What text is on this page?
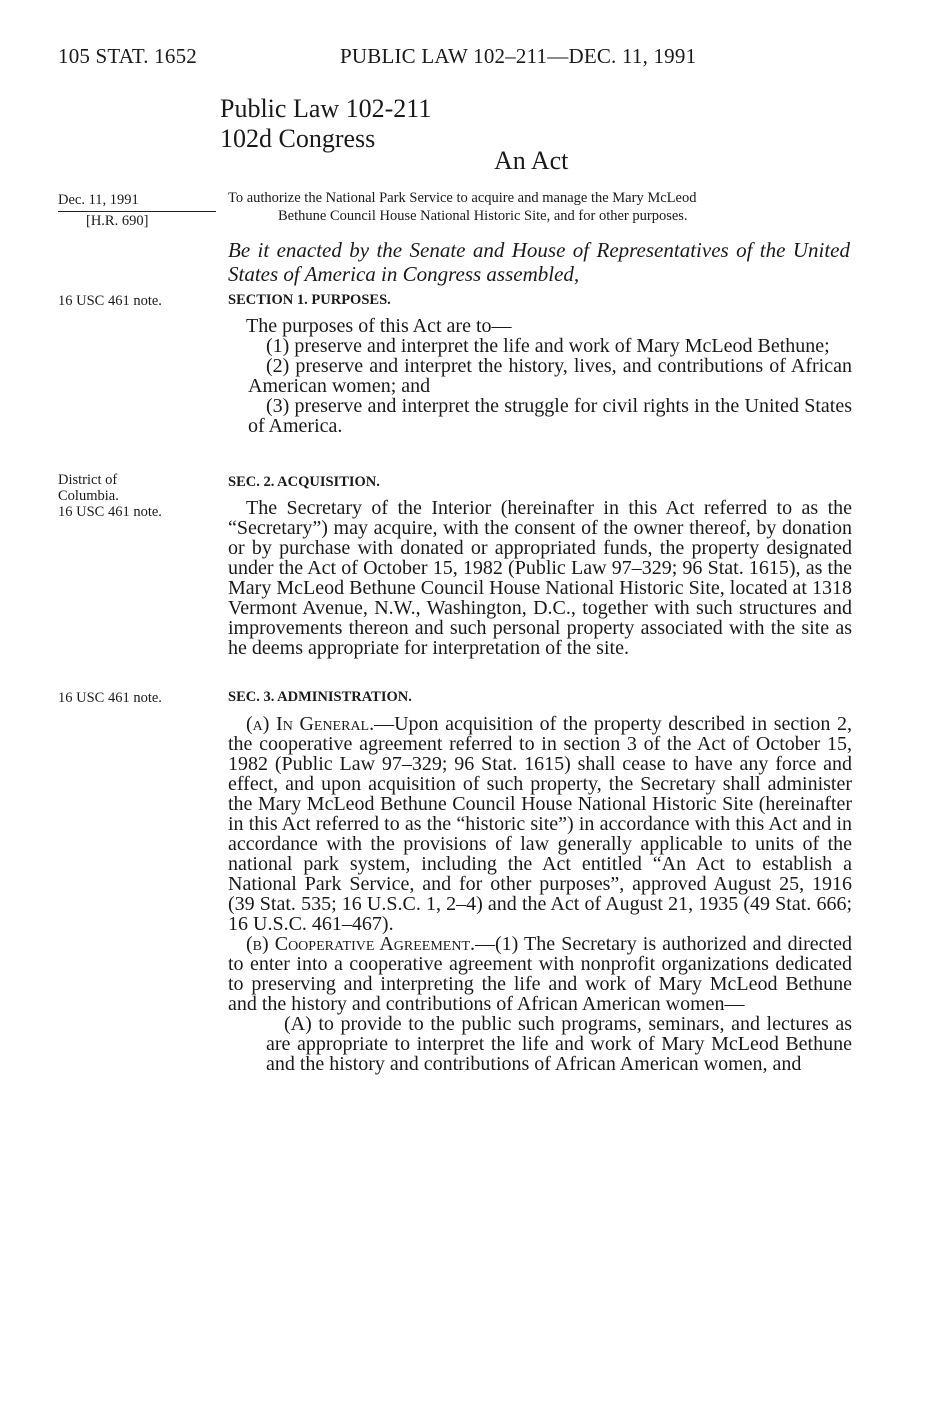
105 STAT. 1652	PUBLIC LAW 102–211—DEC. 11, 1991
Public Law 102-211
102d Congress
An Act
Dec. 11, 1991
[H.R. 690]
To authorize the National Park Service to acquire and manage the Mary McLeod
Bethune Council House National Historic Site, and for other purposes.
Be it enacted by the Senate and House of Representatives of the United States of America in Congress assembled,
16 USC 461 note.	SECTION 1. PURPOSES.

The purposes of this Act are to—

(1) preserve and interpret the life and work of Mary McLeod Bethune;

(2) preserve and interpret the history, lives, and contributions of African American women; and

(3) preserve and interpret the struggle for civil rights in the United States of America.

District of
Columbia.
16 USC 461 note.
SEC. 2. ACQUISITION.

The Secretary of the Interior (hereinafter in this Act referred to as the “Secretary”) may acquire, with the consent of the owner thereof, by donation or by purchase with donated or appropriated funds, the property designated under the Act of October 15, 1982 (Public Law 97–329; 96 Stat. 1615), as the Mary McLeod Bethune Council House National Historic Site, located at 1318 Vermont Avenue, N.W., Washington, D.C., together with such structures and improvements thereon and such personal property associated with the site as he deems appropriate for interpretation of the site.

16 USC 461 note.	SEC. 3. ADMINISTRATION.

(a) In General.—Upon acquisition of the property described in section 2, the cooperative agreement referred to in section 3 of the Act of October 15, 1982 (Public Law 97–329; 96 Stat. 1615) shall cease to have any force and effect, and upon acquisition of such property, the Secretary shall administer the Mary McLeod Bethune Council House National Historic Site (hereinafter in this Act referred to as the “historic site”) in accordance with this Act and in accordance with the provisions of law generally applicable to units of the national park system, including the Act entitled “An Act to establish a National Park Service, and for other purposes”, approved August 25, 1916 (39 Stat. 535; 16 U.S.C. 1, 2–4) and the Act of August 21, 1935 (49 Stat. 666; 16 U.S.C. 461–467).

(b) Cooperative Agreement.—(1) The Secretary is authorized and directed to enter into a cooperative agreement with nonprofit organizations dedicated to preserving and interpreting the life and work of Mary McLeod Bethune and the history and contributions of African American women—

(A) to provide to the public such programs, seminars, and lectures as are appropriate to interpret the life and work of Mary McLeod Bethune and the history and contributions of African American women, and
